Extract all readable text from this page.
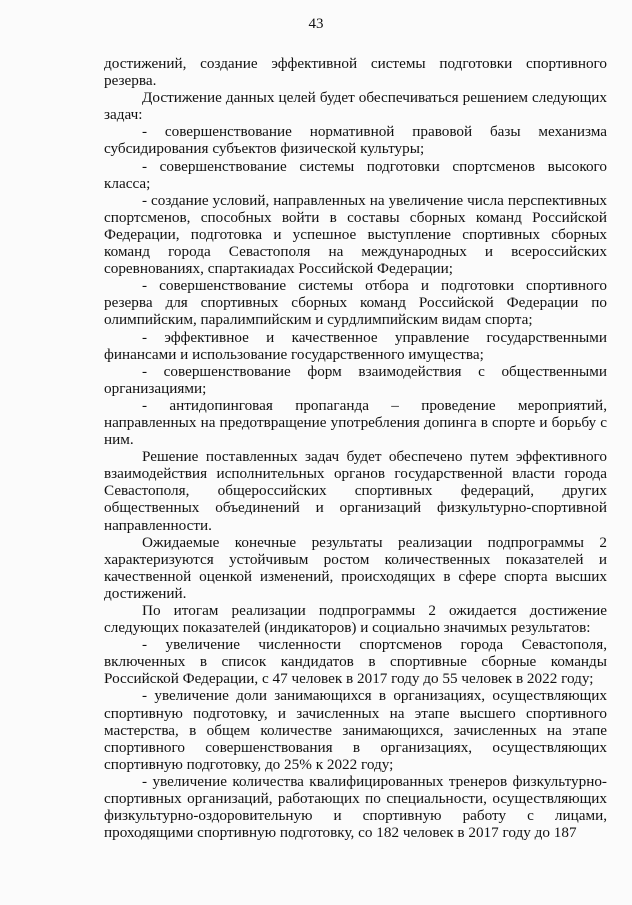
43

достижений, создание эффективной системы подготовки спортивного резерва.

Достижение данных целей будет обеспечиваться решением следующих задач:

- совершенствование нормативной правовой базы механизма субсидирования субъектов физической культуры;

- совершенствование системы подготовки спортсменов высокого класса;

- создание условий, направленных на увеличение числа перспективных спортсменов, способных войти в составы сборных команд Российской Федерации, подготовка и успешное выступление спортивных сборных команд города Севастополя на международных и всероссийских соревнованиях, спартакиадах Российской Федерации;

- совершенствование системы отбора и подготовки спортивного резерва для спортивных сборных команд Российской Федерации по олимпийским, паралимпийским и сурдлимпийским видам спорта;

- эффективное и качественное управление государственными финансами и использование государственного имущества;

- совершенствование форм взаимодействия с общественными организациями;

- антидопинговая пропаганда – проведение мероприятий, направленных на предотвращение употребления допинга в спорте и борьбу с ним.

Решение поставленных задач будет обеспечено путем эффективного взаимодействия исполнительных органов государственной власти города Севастополя, общероссийских спортивных федераций, других общественных объединений и организаций физкультурно-спортивной направленности.

Ожидаемые конечные результаты реализации подпрограммы 2 характеризуются устойчивым ростом количественных показателей и качественной оценкой изменений, происходящих в сфере спорта высших достижений.

По итогам реализации подпрограммы 2 ожидается достижение следующих показателей (индикаторов) и социально значимых результатов:

- увеличение численности спортсменов города Севастополя, включенных в список кандидатов в спортивные сборные команды Российской Федерации, с 47 человек в 2017 году до 55 человек в 2022 году;

- увеличение доли занимающихся в организациях, осуществляющих спортивную подготовку, и зачисленных на этапе высшего спортивного мастерства, в общем количестве занимающихся, зачисленных на этапе спортивного совершенствования в организациях, осуществляющих спортивную подготовку, до 25% к 2022 году;

- увеличение количества квалифицированных тренеров физкультурно-спортивных организаций, работающих по специальности, осуществляющих физкультурно-оздоровительную и спортивную работу с лицами, проходящими спортивную подготовку, со 182 человек в 2017 году до 187
